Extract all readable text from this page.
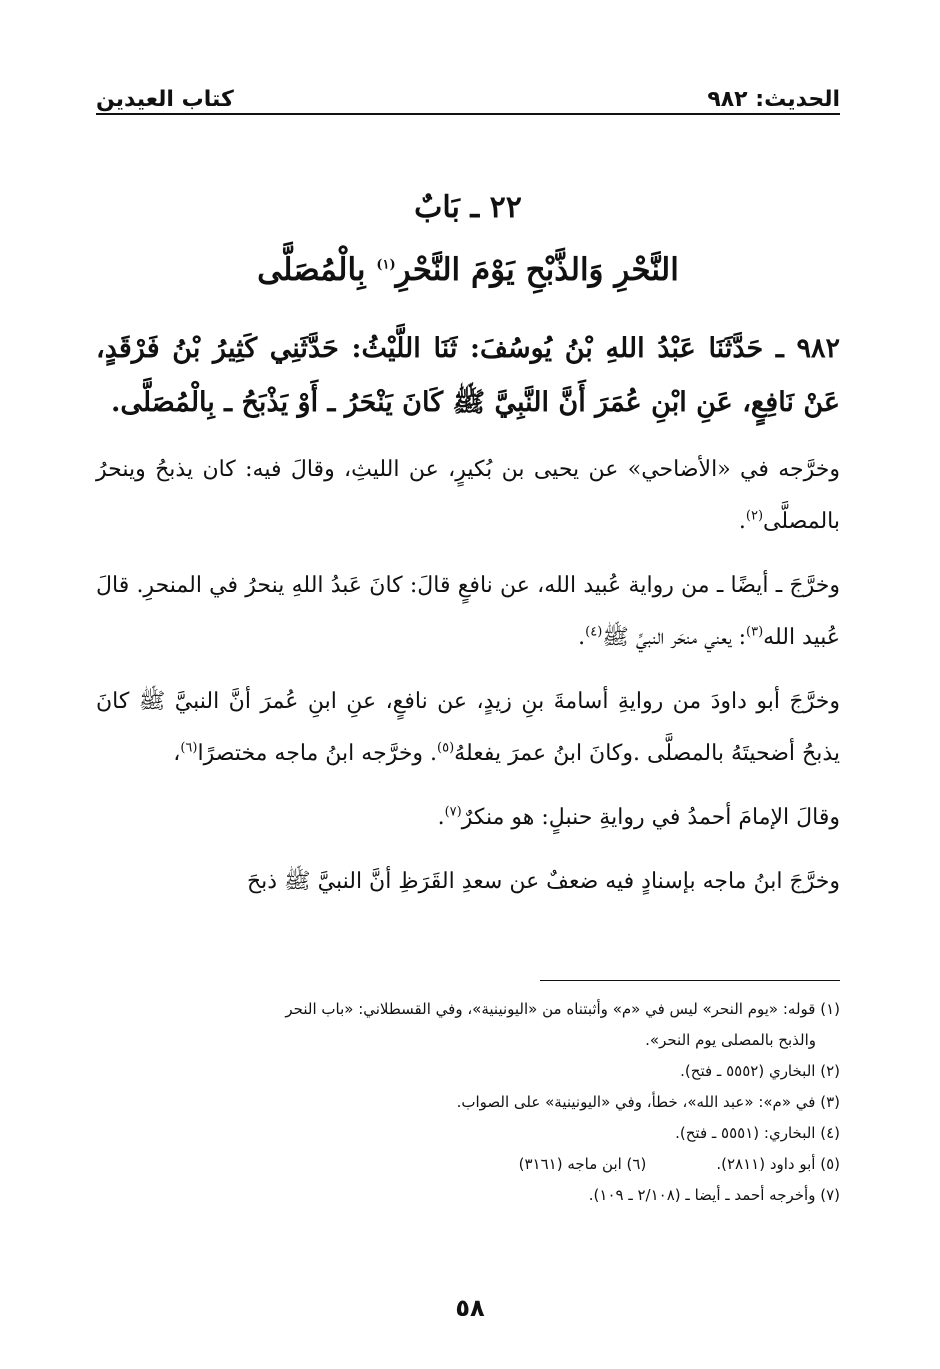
الحديث: ٩٨٢
كتاب العيدين
٢٢ ـ بَابٌ
النَّحْرِ وَالذَّبْحِ يَوْمَ النَّحْرِ$^{(١)}$ بِالْمُصَلَّى

٩٨٢ ـ حَدَّثَنَا عَبْدُ اللهِ بْنُ يُوسُفَ: ثَنَا اللَّيْثُ: حَدَّثَنِي كَثِيرُ بْنُ فَرْقَدٍ، عَنْ نَافِعٍ، عَنِ ابْنِ عُمَرَ أَنَّ النَّبِيَّ ﷺ كَانَ يَنْحَرُ ـ أَوْ يَذْبَحُ ـ بِالْمُصَلَّى.

وخرَّجه في «الأضاحي» عن يحيى بن بُكيرٍ، عن الليثِ، وقالَ فيه: كان يذبحُ وينحرُ بالمصلَّى$^{(٢)}$.

وخرَّجَ ـ أيضًا ـ من رواية عُبيد الله، عن نافعٍ قالَ: كانَ عَبدُ اللهِ ينحرُ في المنحرِ. قالَ عُبيد الله$^{(٣)}$: يعني منحَر النبيِّ ﷺ$^{(٤)}$.

وخرَّجَ أبو داودَ من روايةِ أسامةَ بنِ زيدٍ، عن نافعٍ، عنِ ابنِ عُمرَ أنَّ النبيَّ ﷺ كانَ يذبحُ أضحيتَهُ بالمصلَّى .وكانَ ابنُ عمرَ يفعلهُ$^{(٥)}$. وخرَّجه ابنُ ماجه مختصرًا$^{(٦)}$،

وقالَ الإمامَ أحمدُ في روايةِ حنبلٍ: هو منكرٌ$^{(٧)}$.

وخرَّجَ ابنُ ماجه بإسنادٍ فيه ضعفٌ عن سعدِ القَرَظِ أنَّ النبيَّ ﷺ ذبحَ

(١) قوله: «يوم النحر» ليس في «م» وأثبتناه من «اليونينية»، وفي القسطلاني: «باب النحر

والذبح بالمصلى يوم النحر».

(٢) البخاري (٥٥٥٢ ـ فتح).

(٣) في «م»: «عبد الله»، خطأ، وفي «اليونينية» على الصواب.

(٤) البخاري: (٥٥٥١ ـ فتح).

(٥) أبو داود (٢٨١١).
(٦) ابن ماجه (٣١٦١)

(٧) وأخرجه أحمد ـ أيضا ـ (٢/١٠٨ ـ ١٠٩).

٥٨
